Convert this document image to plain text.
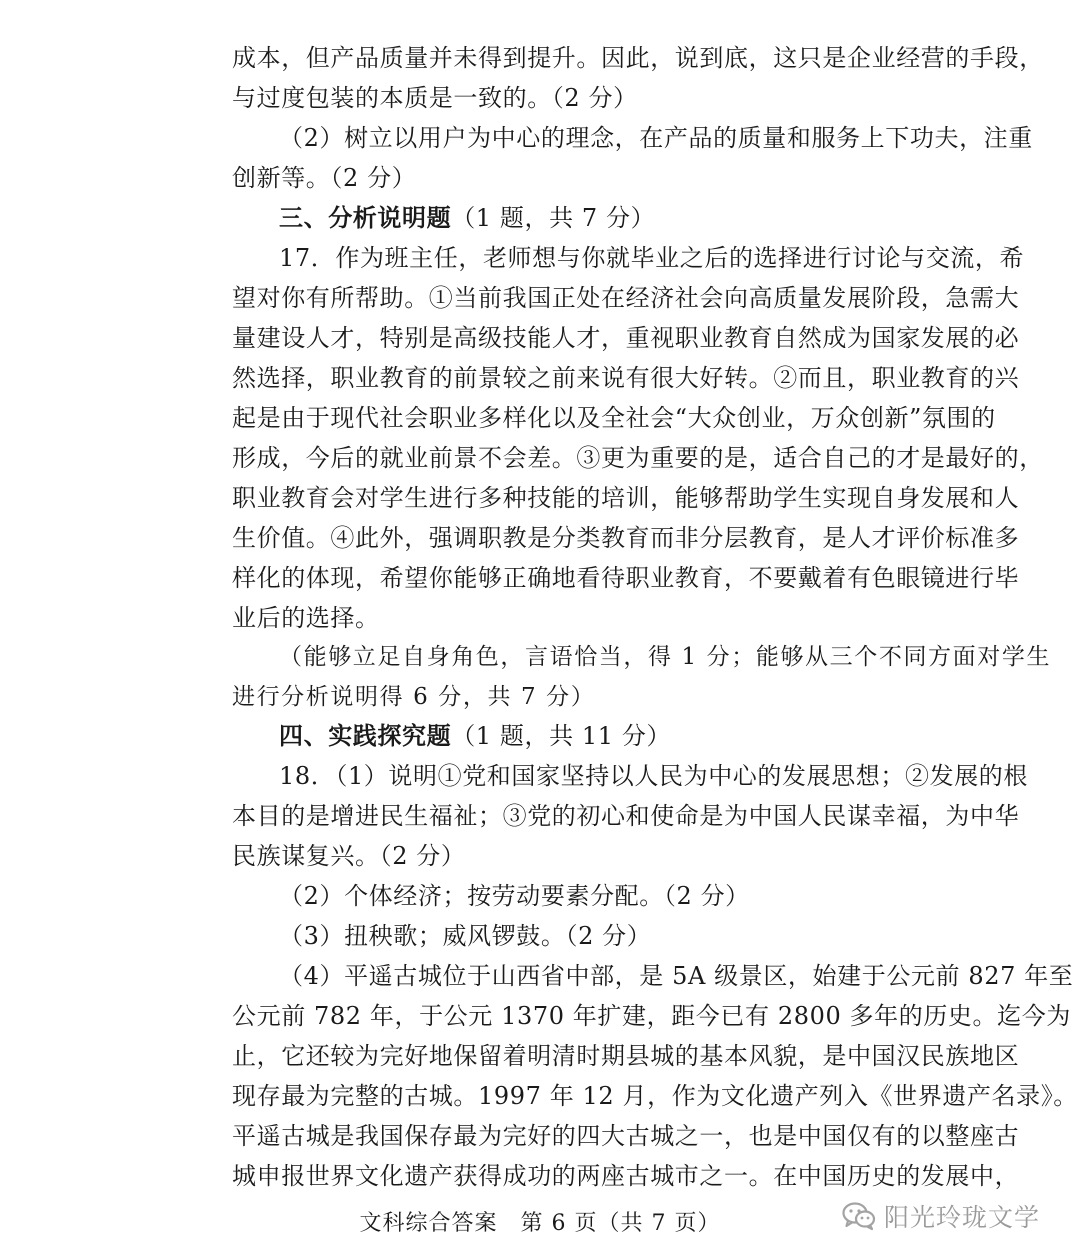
成本，但产品质量并未得到提升。因此，说到底，这只是企业经营的手段，
与过度包装的本质是一致的。（2 分）
（2）树立以用户为中心的理念，在产品的质量和服务上下功夫，注重
创新等。（2 分）
三、分析说明题（1 题，共 7 分）
17．作为班主任，老师想与你就毕业之后的选择进行讨论与交流，希
望对你有所帮助。①当前我国正处在经济社会向高质量发展阶段，急需大
量建设人才，特别是高级技能人才，重视职业教育自然成为国家发展的必
然选择，职业教育的前景较之前来说有很大好转。②而且，职业教育的兴
起是由于现代社会职业多样化以及全社会“大众创业，万众创新”氛围的
形成，今后的就业前景不会差。③更为重要的是，适合自己的才是最好的，
职业教育会对学生进行多种技能的培训，能够帮助学生实现自身发展和人
生价值。④此外，强调职教是分类教育而非分层教育，是人才评价标准多
样化的体现，希望你能够正确地看待职业教育，不要戴着有色眼镜进行毕
业后的选择。
（能够立足自身角色，言语恰当，得 1 分；能够从三个不同方面对学生
进行分析说明得 6 分，共 7 分）
四、实践探究题（1 题，共 11 分）
18．（1）说明①党和国家坚持以人民为中心的发展思想；②发展的根
本目的是增进民生福祉；③党的初心和使命是为中国人民谋幸福，为中华
民族谋复兴。（2 分）
（2）个体经济；按劳动要素分配。（2 分）
（3）扭秧歌；威风锣鼓。（2 分）
（4）平遥古城位于山西省中部，是 5A 级景区，始建于公元前 827 年至
公元前 782 年，于公元 1370 年扩建，距今已有 2800 多年的历史。迄今为
止，它还较为完好地保留着明清时期县城的基本风貌，是中国汉民族地区
现存最为完整的古城。1997 年 12 月，作为文化遗产列入《世界遗产名录》。
平遥古城是我国保存最为完好的四大古城之一，也是中国仅有的以整座古
城申报世界文化遗产获得成功的两座古城市之一。在中国历史的发展中，
文科综合答案　第 6 页（共 7 页）	阳光玲珑文学
